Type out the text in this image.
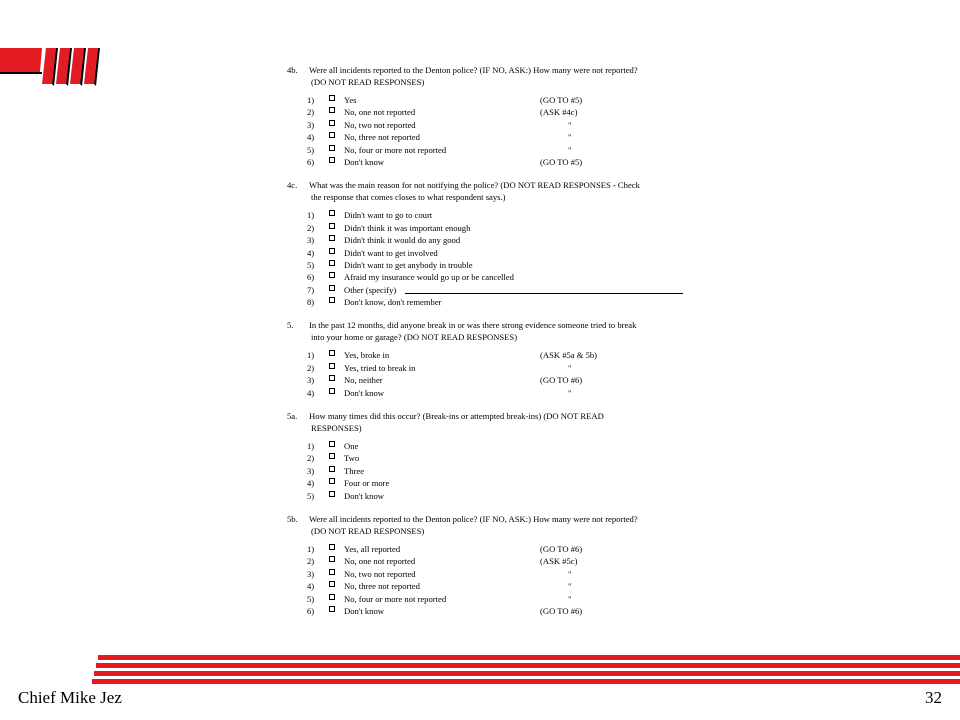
4b. Were all incidents reported to the Denton police? (IF NO, ASK:) How many were not reported?
(DO NOT READ RESPONSES)
1)	Yes	(GO TO #5)
2)	No, one not reported	(ASK #4c)
3)	No, two not reported	"
4)	No, three not reported	"
5)	No, four or more not reported	"
6)	Don't know	(GO TO #5)
4c. What was the main reason for not notifying the police? (DO NOT READ RESPONSES - Check
the response that comes closes to what respondent says.)
1)	Didn't want to go to court
2)	Didn't think it was important enough
3)	Didn't think it would do any good
4)	Didn't want to get involved
5)	Didn't want to get anybody in trouble
6)	Afraid my insurance would go up or be cancelled
7)	Other (specify)
8)	Don't know, don't remember
5. In the past 12 months, did anyone break in or was there strong evidence someone tried to break
into your home or garage? (DO NOT READ RESPONSES)
1)	Yes, broke in	(ASK #5a & 5b)
2)	Yes, tried to break in	"
3)	No, neither	(GO TO #6)
4)	Don't know	"
5a. How many times did this occur? (Break-ins or attempted break-ins) (DO NOT READ
RESPONSES)
1)	One
2)	Two
3)	Three
4)	Four or more
5)	Don't know
5b. Were all incidents reported to the Denton police? (IF NO, ASK:) How many were not reported?
(DO NOT READ RESPONSES)
1)	Yes, all reported	(GO TO #6)
2)	No, one not reported	(ASK #5c)
3)	No, two not reported	"
4)	No, three not reported	"
5)	No, four or more not reported	"
6)	Don't know	(GO TO #6)
Chief Mike Jez	32
